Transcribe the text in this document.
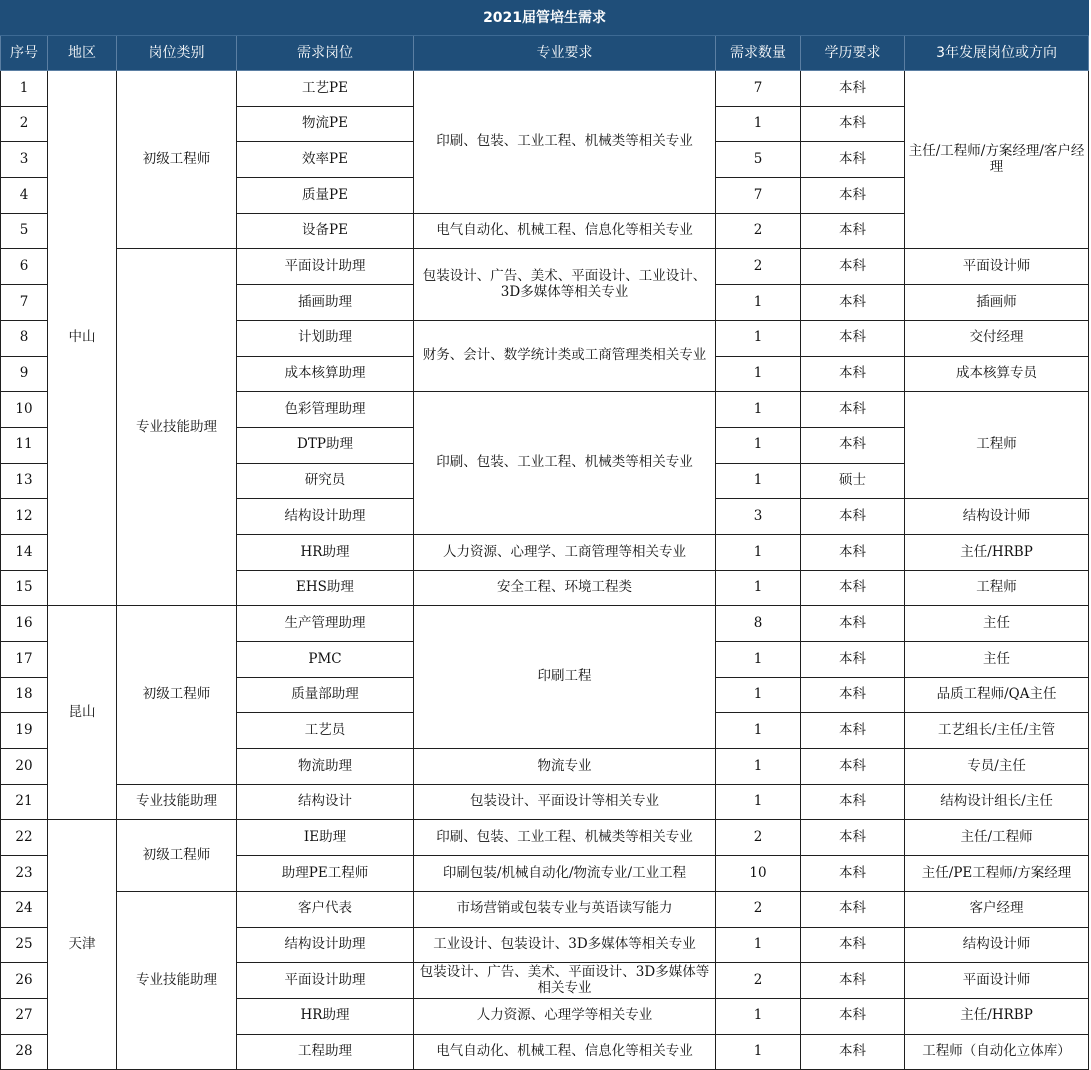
2021届管培生需求							
序号	地区	岗位类别	需求岗位	专业要求	需求数量	学历要求	3年发展岗位或方向
1	中山	初级工程师	工艺PE	印刷、包装、工业工程、机械类等相关专业	7	本科	主任/工程师/方案经理/客户经理
2			物流PE		1	本科	
3			效率PE		5	本科	
4			质量PE		7	本科	
5			设备PE	电气自动化、机械工程、信息化等相关专业	2	本科	
6		专业技能助理	平面设计助理	包装设计、广告、美术、平面设计、工业设计、3D多媒体等相关专业	2	本科	平面设计师
7			插画助理		1	本科	插画师
8			计划助理	财务、会计、数学统计类或工商管理类相关专业	1	本科	交付经理
9			成本核算助理		1	本科	成本核算专员
10			色彩管理助理	印刷、包装、工业工程、机械类等相关专业	1	本科	工程师
11			DTP助理		1	本科	
13			研究员		1	硕士	
12			结构设计助理		3	本科	结构设计师
14			HR助理	人力资源、心理学、工商管理等相关专业	1	本科	主任/HRBP
15			EHS助理	安全工程、环境工程类	1	本科	工程师
16	昆山	初级工程师	生产管理助理	印刷工程	8	本科	主任
17			PMC		1	本科	主任
18			质量部助理		1	本科	品质工程师/QA主任
19			工艺员		1	本科	工艺组长/主任/主管
20			物流助理	物流专业	1	本科	专员/主任
21		专业技能助理	结构设计	包装设计、平面设计等相关专业	1	本科	结构设计组长/主任
22	天津	初级工程师	IE助理	印刷、包装、工业工程、机械类等相关专业	2	本科	主任/工程师
23			助理PE工程师	印刷包装/机械自动化/物流专业/工业工程	10	本科	主任/PE工程师/方案经理
24		专业技能助理	客户代表	市场营销或包装专业与英语读写能力	2	本科	客户经理
25			结构设计助理	工业设计、包装设计、3D多媒体等相关专业	1	本科	结构设计师
26			平面设计助理	包装设计、广告、美术、平面设计、3D多媒体等相关专业	2	本科	平面设计师
27			HR助理	人力资源、心理学等相关专业	1	本科	主任/HRBP
28			工程助理	电气自动化、机械工程、信息化等相关专业	1	本科	工程师（自动化立体库）
